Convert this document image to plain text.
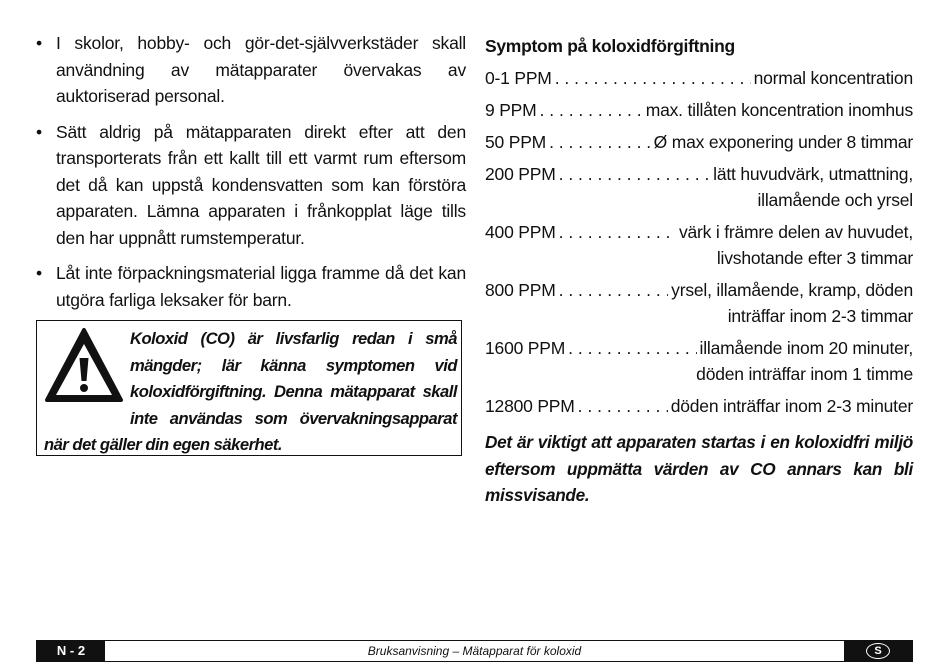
• I skolor, hobby- och gör-det-självverkstäder skall användning av mätapparater övervakas av auktoriserad personal.
• Sätt aldrig på mätapparaten direkt efter att den transporterats från ett kallt till ett varmt rum eftersom det då kan uppstå kondensvatten som kan förstöra apparaten. Lämna apparaten i frånkopplat läge tills den har uppnått rumstemperatur.
• Låt inte förpackningsmaterial ligga framme då det kan utgöra farliga leksaker för barn.
Koloxid (CO) är livsfarlig redan i små mängder; lär känna symptomen vid koloxidförgiftning. Denna mätapparat skall inte användas som övervakningsapparat när det gäller din egen säkerhet.
Symptom på koloxidförgiftning
0-1 PPM . . .	normal koncentration
9 PPM . . .	max. tillåten koncentration inomhus
50 PPM . . .	Ø max exponering under 8 timmar
200 PPM . . .	lätt huvudvärk, utmattning,
illamående och yrsel
400 PPM . . .	värk i främre delen av huvudet,
livshotande efter 3 timmar
800 PPM . . .	yrsel, illamående, kramp, döden
inträffar inom 2-3 timmar
1600 PPM . . .	illamående inom 20 minuter,
döden inträffar inom 1 timme
12800 PPM . . .	döden inträffar inom 2-3 minuter
Det är viktigt att apparaten startas i en koloxidfri miljö eftersom uppmätta värden av CO annars kan bli missvisande.
N - 2	Bruksanvisning – Mätapparat för koloxid	S
